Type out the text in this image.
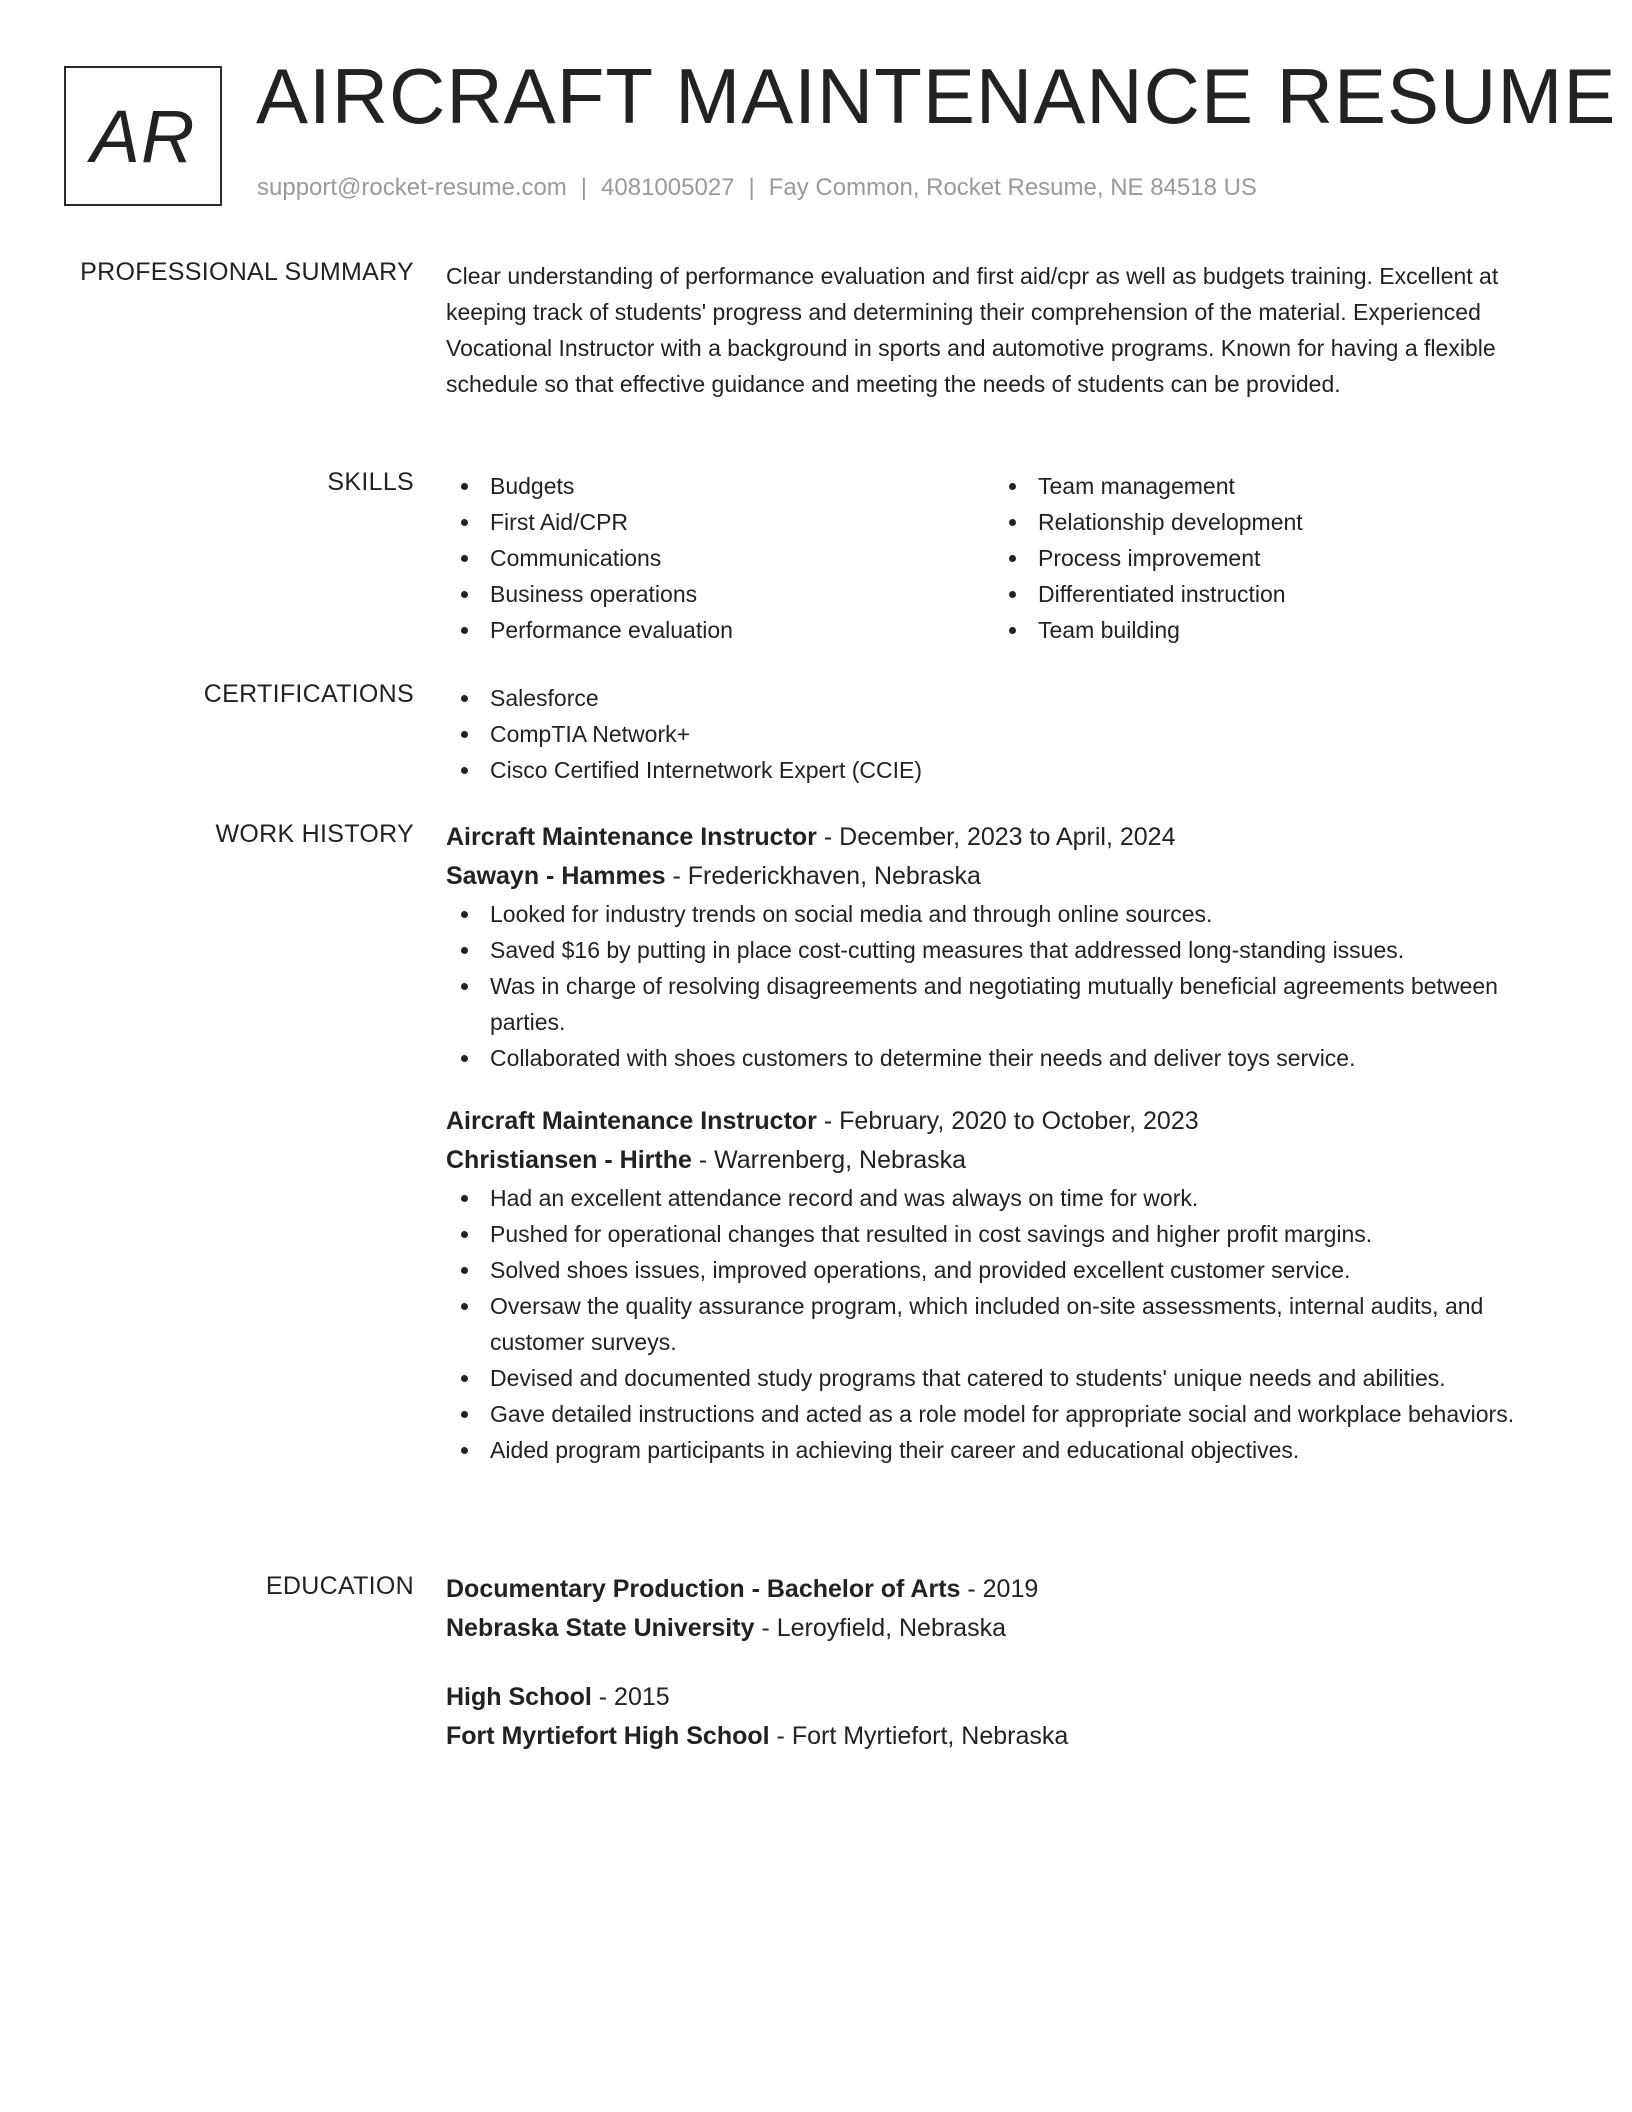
AR AIRCRAFT MAINTENANCE RESUME
support@rocket-resume.com | 4081005027 | Fay Common, Rocket Resume, NE 84518 US
PROFESSIONAL SUMMARY Clear understanding of performance evaluation and first aid/cpr as well as budgets training. Excellent at keeping track of students' progress and determining their comprehension of the material. Experienced Vocational Instructor with a background in sports and automotive programs. Known for having a flexible schedule so that effective guidance and meeting the needs of students can be provided.

SKILLS	Budgets
First Aid/CPR
Communications
Business operations
Performance evaluation
Team management
Relationship development
Process improvement
Differentiated instruction
Team building
CERTIFICATIONS	Salesforce
CompTIA Network+
Cisco Certified Internetwork Expert (CCIE)
WORK HISTORY Aircraft Maintenance Instructor - December, 2023 to April, 2024
Sawayn - Hammes - Frederickhaven, Nebraska
Looked for industry trends on social media and through online sources.
Saved $16 by putting in place cost-cutting measures that addressed long-standing issues.
Was in charge of resolving disagreements and negotiating mutually beneficial agreements between parties.
Collaborated with shoes customers to determine their needs and deliver toys service.
Aircraft Maintenance Instructor - February, 2020 to October, 2023
Christiansen - Hirthe - Warrenberg, Nebraska
Had an excellent attendance record and was always on time for work.
Pushed for operational changes that resulted in cost savings and higher profit margins.
Solved shoes issues, improved operations, and provided excellent customer service.
Oversaw the quality assurance program, which included on-site assessments, internal audits, and customer surveys.
Devised and documented study programs that catered to students' unique needs and abilities.
Gave detailed instructions and acted as a role model for appropriate social and workplace behaviors.
Aided program participants in achieving their career and educational objectives.
EDUCATION Documentary Production - Bachelor of Arts - 2019
Nebraska State University - Leroyfield, Nebraska
High School - 2015
Fort Myrtiefort High School - Fort Myrtiefort, Nebraska
